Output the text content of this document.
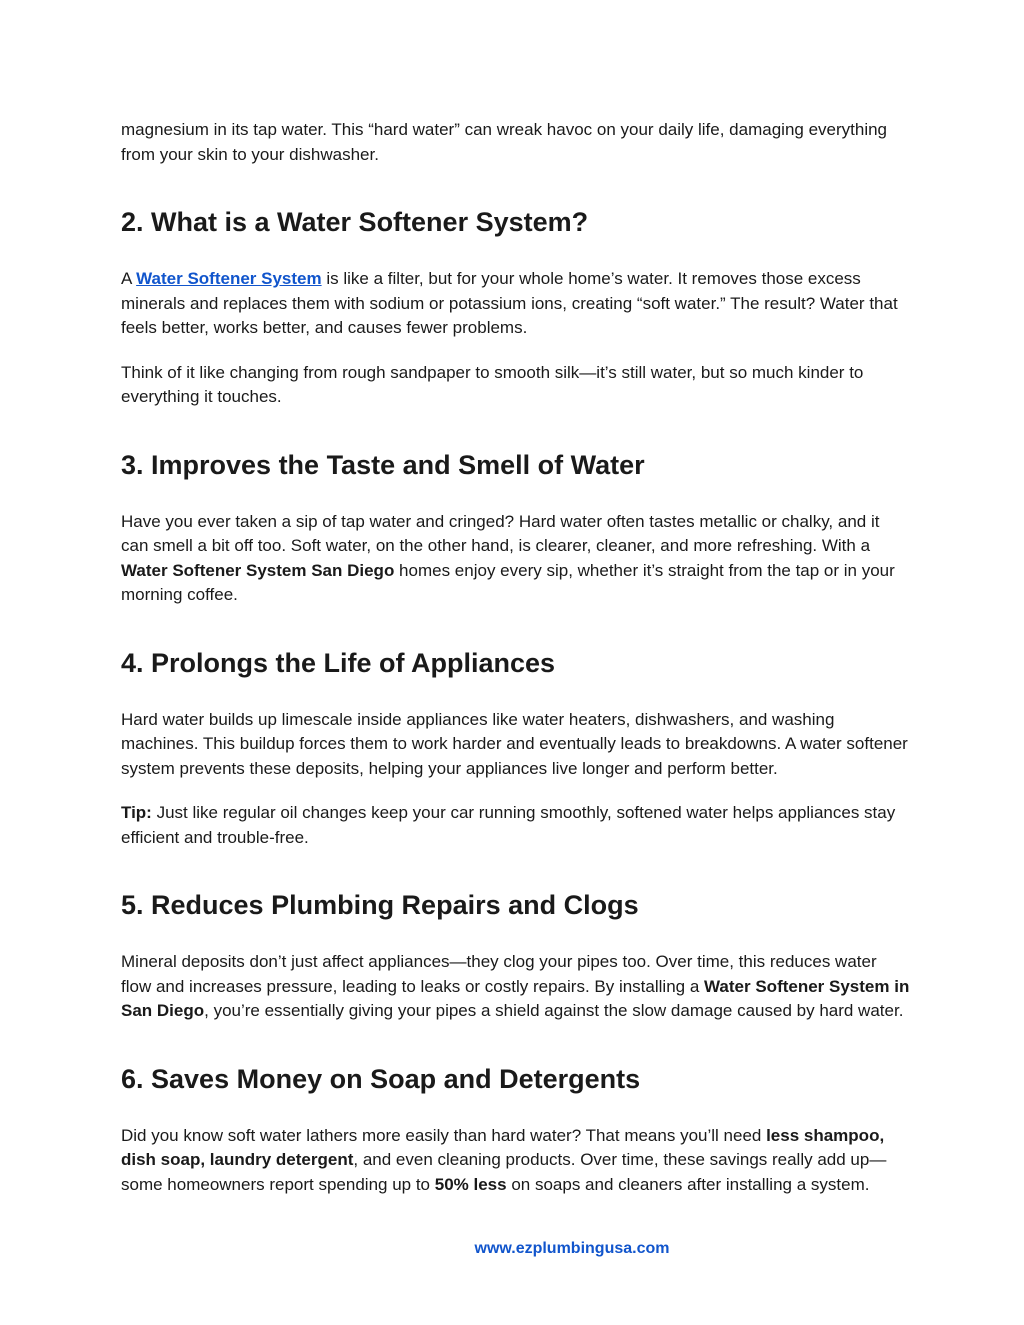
magnesium in its tap water. This “hard water” can wreak havoc on your daily life, damaging everything from your skin to your dishwasher.

2. What is a Water Softener System?

A Water Softener System is like a filter, but for your whole home’s water. It removes those excess minerals and replaces them with sodium or potassium ions, creating “soft water.” The result? Water that feels better, works better, and causes fewer problems.

Think of it like changing from rough sandpaper to smooth silk—it’s still water, but so much kinder to everything it touches.

3. Improves the Taste and Smell of Water

Have you ever taken a sip of tap water and cringed? Hard water often tastes metallic or chalky, and it can smell a bit off too. Soft water, on the other hand, is clearer, cleaner, and more refreshing. With a Water Softener System San Diego homes enjoy every sip, whether it’s straight from the tap or in your morning coffee.

4. Prolongs the Life of Appliances

Hard water builds up limescale inside appliances like water heaters, dishwashers, and washing machines. This buildup forces them to work harder and eventually leads to breakdowns. A water softener system prevents these deposits, helping your appliances live longer and perform better.

Tip: Just like regular oil changes keep your car running smoothly, softened water helps appliances stay efficient and trouble-free.

5. Reduces Plumbing Repairs and Clogs

Mineral deposits don’t just affect appliances—they clog your pipes too. Over time, this reduces water flow and increases pressure, leading to leaks or costly repairs. By installing a Water Softener System in San Diego, you’re essentially giving your pipes a shield against the slow damage caused by hard water.

6. Saves Money on Soap and Detergents

Did you know soft water lathers more easily than hard water? That means you’ll need less shampoo, dish soap, laundry detergent, and even cleaning products. Over time, these savings really add up—some homeowners report spending up to 50% less on soaps and cleaners after installing a system.

www.ezplumbingusa.com
